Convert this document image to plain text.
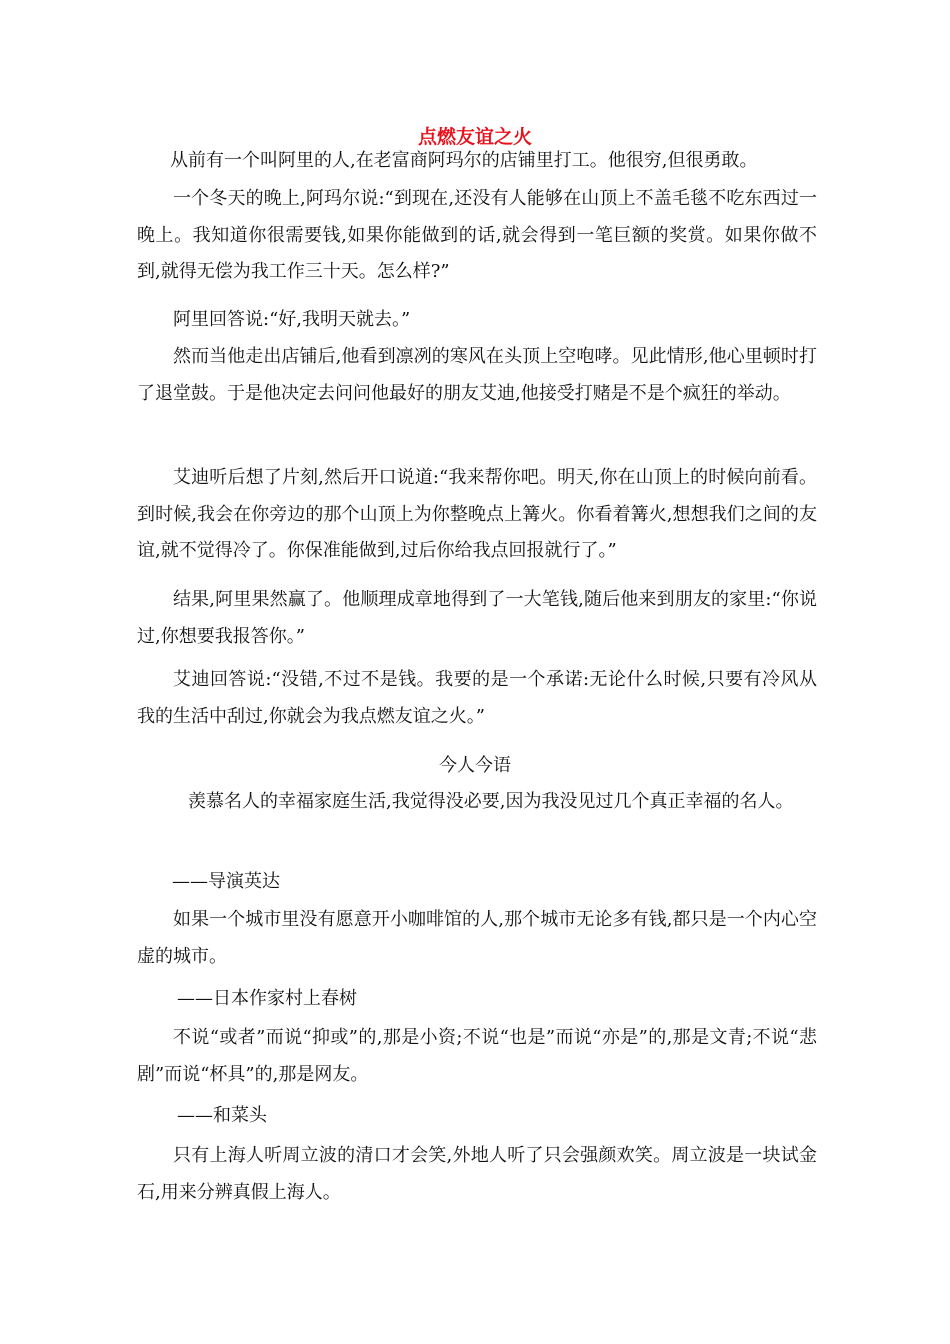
点燃友谊之火

从前有一个叫阿里的人,在老富商阿玛尔的店铺里打工。他很穷,但很勇敢。

一个冬天的晚上,阿玛尔说:“到现在,还没有人能够在山顶上不盖毛毯不吃东西过一晚上。我知道你很需要钱,如果你能做到的话,就会得到一笔巨额的奖赏。如果你做不到,就得无偿为我工作三十天。怎么样?”

阿里回答说:“好,我明天就去。”

然而当他走出店铺后,他看到凛冽的寒风在头顶上空咆哮。见此情形,他心里顿时打了退堂鼓。于是他决定去问问他最好的朋友艾迪,他接受打赌是不是个疯狂的举动。

艾迪听后想了片刻,然后开口说道:“我来帮你吧。明天,你在山顶上的时候向前看。到时候,我会在你旁边的那个山顶上为你整晚点上篝火。你看着篝火,想想我们之间的友谊,就不觉得冷了。你保准能做到,过后你给我点回报就行了。”

结果,阿里果然赢了。他顺理成章地得到了一大笔钱,随后他来到朋友的家里:“你说过,你想要我报答你。”

艾迪回答说:“没错,不过不是钱。我要的是一个承诺:无论什么时候,只要有冷风从我的生活中刮过,你就会为我点燃友谊之火。”

今人今语

羡慕名人的幸福家庭生活,我觉得没必要,因为我没见过几个真正幸福的名人。

——导演英达

如果一个城市里没有愿意开小咖啡馆的人,那个城市无论多有钱,都只是一个内心空虚的城市。

——日本作家村上春树

不说“或者”而说“抑或”的,那是小资;不说“也是”而说“亦是”的,那是文青;不说“悲剧”而说“杯具”的,那是网友。

——和菜头

只有上海人听周立波的清口才会笑,外地人听了只会强颜欢笑。周立波是一块试金石,用来分辨真假上海人。
